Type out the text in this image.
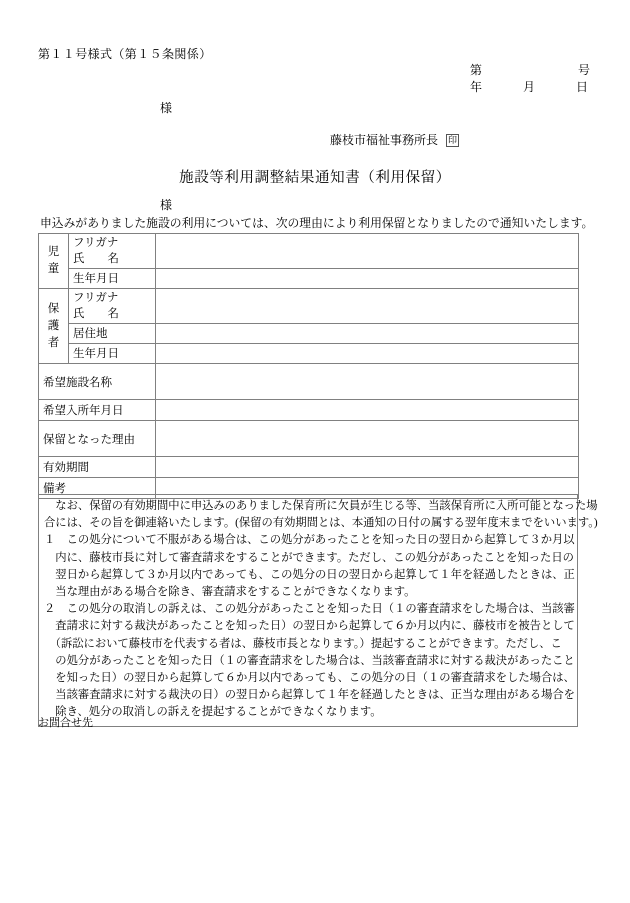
第１１号様式（第１５条関係）
第	号
年	月	日
様
藤枝市福祉事務所長 印
施設等利用調整結果通知書（利用保留）
様
申込みがありました施設の利用については、次の理由により利用保留となりましたので通知いたします。
児
童	フリガナ
氏　　名	

	生年月日	

保
護
者	フリガナ
氏　　名	

	居住地	
	生年月日	
希望施設名称		
希望入所年月日		
保留となった理由		
有効期間		
備考		

　なお、保留の有効期間中に申込みのありました保育所に欠員が生じる等、当該保育所に入所可能となった場

合には、その旨を御連絡いたします。(保留の有効期間とは、本通知の日付の属する翌年度末までをいいます。)

１　この処分について不服がある場合は、この処分があったことを知った日の翌日から起算して３か月以

　内に、藤枝市長に対して審査請求をすることができます。ただし、この処分があったことを知った日の

　翌日から起算して３か月以内であっても、この処分の日の翌日から起算して１年を経過したときは、正

　当な理由がある場合を除き、審査請求をすることができなくなります。

２　この処分の取消しの訴えは、この処分があったことを知った日（１の審査請求をした場合は、当該審

　査請求に対する裁決があったことを知った日）の翌日から起算して６か月以内に、藤枝市を被告として

　（訴訟において藤枝市を代表する者は、藤枝市長となります。）提起することができます。ただし、こ

　の処分があったことを知った日（１の審査請求をした場合は、当該審査請求に対する裁決があったこと

　を知った日）の翌日から起算して６か月以内であっても、この処分の日（１の審査請求をした場合は、

　当該審査請求に対する裁決の日）の翌日から起算して１年を経過したときは、正当な理由がある場合を

　除き、処分の取消しの訴えを提起することができなくなります。

お問合せ先
